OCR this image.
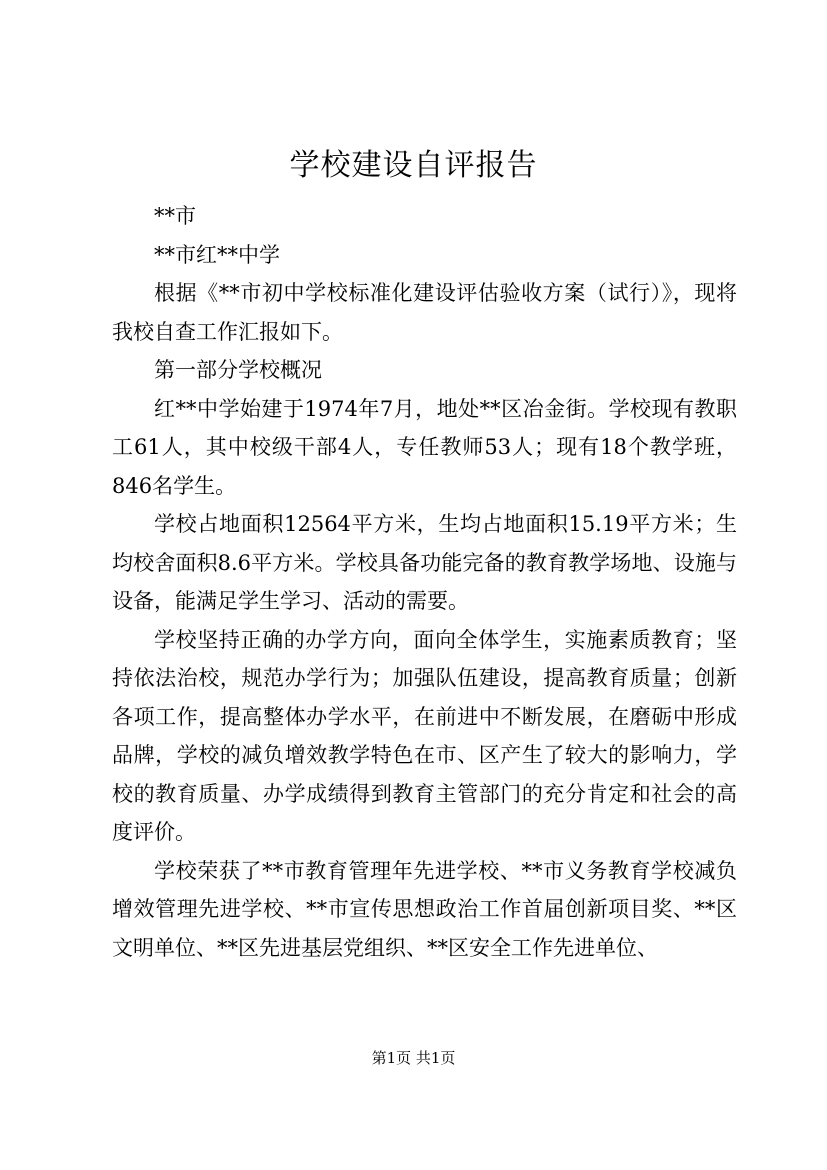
学校建设自评报告

**市

**市红**中学

根据《**市初中学校标准化建设评估验收方案（试行）》，现将我校自查工作汇报如下。

第一部分学校概况

红**中学始建于1974年7月，地处**区冶金街。学校现有教职工61人，其中校级干部4人，专任教师53人；现有18个教学班，846名学生。

学校占地面积12564平方米，生均占地面积15.19平方米；生均校舍面积8.6平方米。学校具备功能完备的教育教学场地、设施与设备，能满足学生学习、活动的需要。

学校坚持正确的办学方向，面向全体学生，实施素质教育；坚持依法治校，规范办学行为；加强队伍建设，提高教育质量；创新各项工作，提高整体办学水平，在前进中不断发展，在磨砺中形成品牌，学校的减负增效教学特色在市、区产生了较大的影响力，学校的教育质量、办学成绩得到教育主管部门的充分肯定和社会的高度评价。

学校荣获了**市教育管理年先进学校、**市义务教育学校减负增效管理先进学校、**市宣传思想政治工作首届创新项目奖、**区文明单位、**区先进基层党组织、**区安全工作先进单位、

第1页 共1页
